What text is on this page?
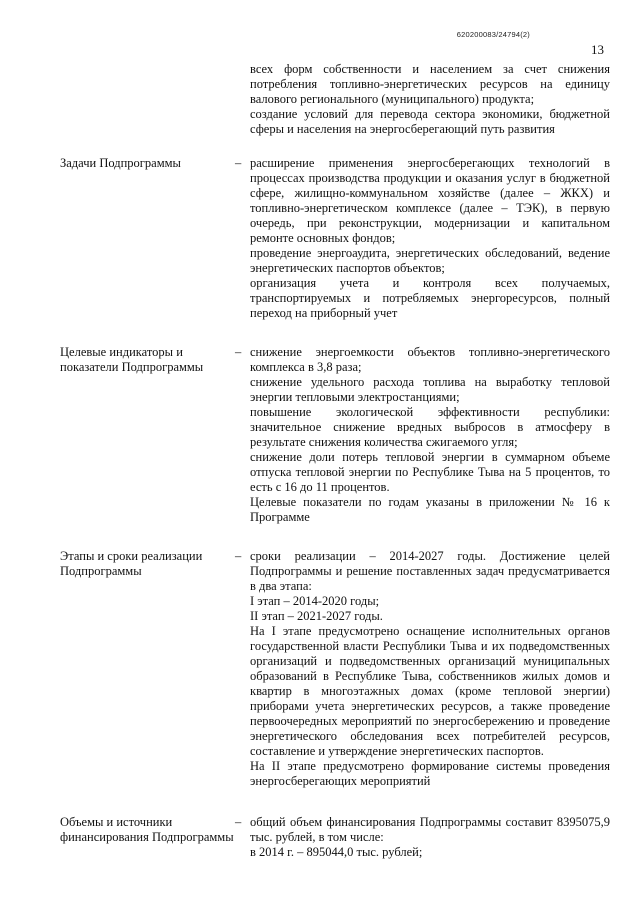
620200083/24794(2)
13

всех форм собственности и населением за счет снижения потребления топливно-энергетических ресурсов на единицу валового регионального (муниципального) продукта;

создание условий для перевода сектора экономики, бюджетной сферы и населения на энергосберегающий путь развития

Задачи Подпрограммы	– расширение применения энергосберегающих технологий в процессах производства продукции и оказания услуг в бюджетной сфере, жилищно-коммунальном хозяйстве (далее – ЖКХ) и топливно-энергетическом комплексе (далее – ТЭК), в первую очередь, при реконструкции, модернизации и капитальном ремонте основных фондов;

проведение энергоаудита, энергетических обследований, ведение энергетических паспортов объектов;

организация учета и контроля всех получаемых, транспортируемых и потребляемых энергоресурсов, полный переход на приборный учет

Целевые индикаторы и показатели Подпрограммы
– снижение энергоемкости объектов топливно-энергетического комплекса в 3,8 раза;

снижение удельного расхода топлива на выработку тепловой энергии тепловыми электростанциями;

повышение экологической эффективности республики: значительное снижение вредных выбросов в атмосферу в результате снижения количества сжигаемого угля;

снижение доли потерь тепловой энергии в суммарном объеме отпуска тепловой энергии по Республике Тыва на 5 процентов, то есть с 16 до 11 процентов.

Целевые показатели по годам указаны в приложении № 16 к Программе

Этапы и сроки реализации Подпрограммы
– сроки реализации – 2014-2027 годы. Достижение целей Подпрограммы и решение поставленных задач предусматривается в два этапа:

I этап – 2014-2020 годы;

II этап – 2021-2027 годы.

На I этапе предусмотрено оснащение исполнительных органов государственной власти Республики Тыва и их подведомственных организаций и подведомственных организаций муниципальных образований в Республике Тыва, собственников жилых домов и квартир в многоэтажных домах (кроме тепловой энергии) приборами учета энергетических ресурсов, а также проведение первоочередных мероприятий по энергосбережению и проведение энергетического обследования всех потребителей ресурсов, составление и утверждение энергетических паспортов.

На II этапе предусмотрено формирование системы проведения энергосберегающих мероприятий

Объемы и источники финансирования Подпрограммы
– общий объем финансирования Подпрограммы составит 8395075,9 тыс. рублей, в том числе:

в 2014 г. – 895044,0 тыс. рублей;
